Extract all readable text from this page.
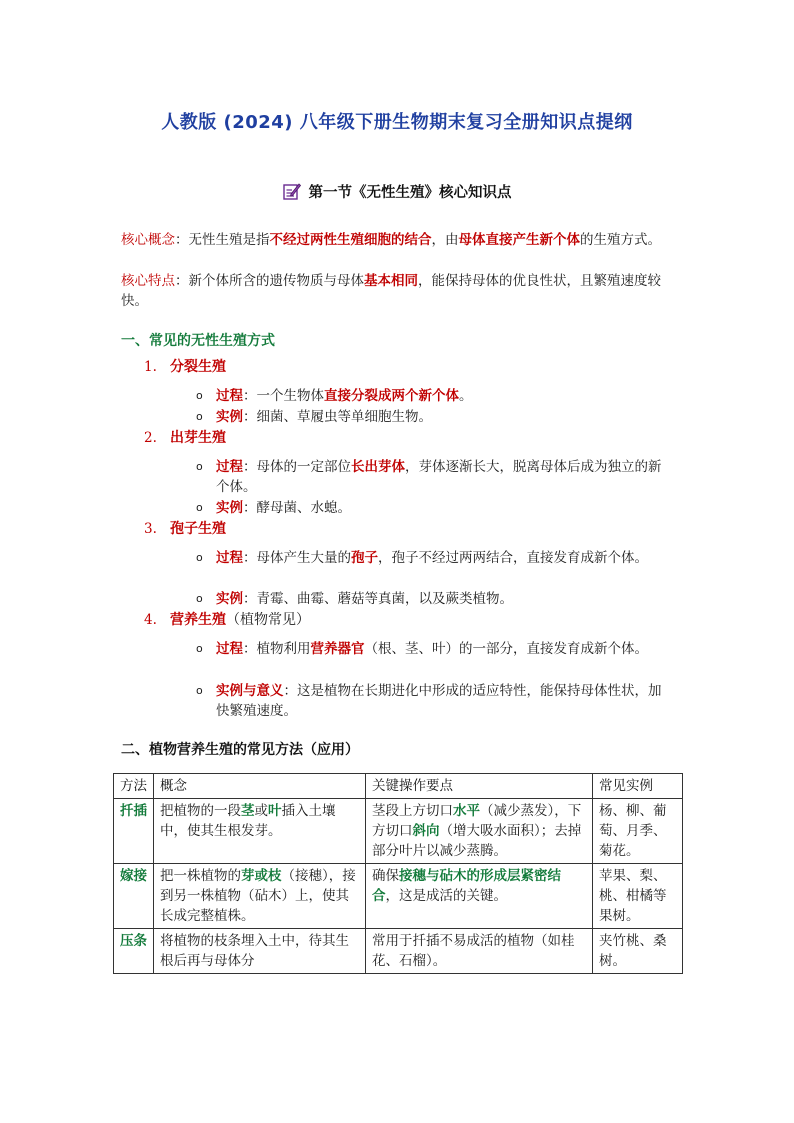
人教版 (2024) 八年级下册生物期末复习全册知识点提纲
第一节《无性生殖》核心知识点
核心概念：无性生殖是指不经过两性生殖细胞的结合，由母体直接产生新个体的生殖方式。
核心特点：新个体所含的遗传物质与母体基本相同，能保持母体的优良性状，且繁殖速度较快。
一、常见的无性生殖方式
1. 分裂生殖
o 过程：一个生物体直接分裂成两个新个体。
o 实例：细菌、草履虫等单细胞生物。
2. 出芽生殖
o 过程：母体的一定部位长出芽体，芽体逐渐长大，脱离母体后成为独立的新个体。
o 实例：酵母菌、水螅。
3. 孢子生殖
o 过程：母体产生大量的孢子，孢子不经过两两结合，直接发育成新个体。
o 实例：青霉、曲霉、蘑菇等真菌，以及蕨类植物。
4. 营养生殖（植物常见）
o 过程：植物利用营养器官（根、茎、叶）的一部分，直接发育成新个体。
o 实例与意义：这是植物在长期进化中形成的适应特性，能保持母体性状，加快繁殖速度。
二、植物营养生殖的常见方法（应用）
方法	概念	关键操作要点	常见实例
扦插	把植物的一段茎或叶插入土壤中，使其生根发芽。	茎段上方切口水平（减少蒸发），下方切口斜向（增大吸水面积）；去掉部分叶片以减少蒸腾。	杨、柳、葡萄、月季、菊花。
嫁接	把一株植物的芽或枝（接穗），接到另一株植物（砧木）上，使其长成完整植株。	确保接穗与砧木的形成层紧密结合，这是成活的关键。	苹果、梨、桃、柑橘等果树。
压条	将植物的枝条埋入土中，待其生根后再与母体分	常用于扦插不易成活的植物（如桂花、石榴）。	夹竹桃、桑树。
